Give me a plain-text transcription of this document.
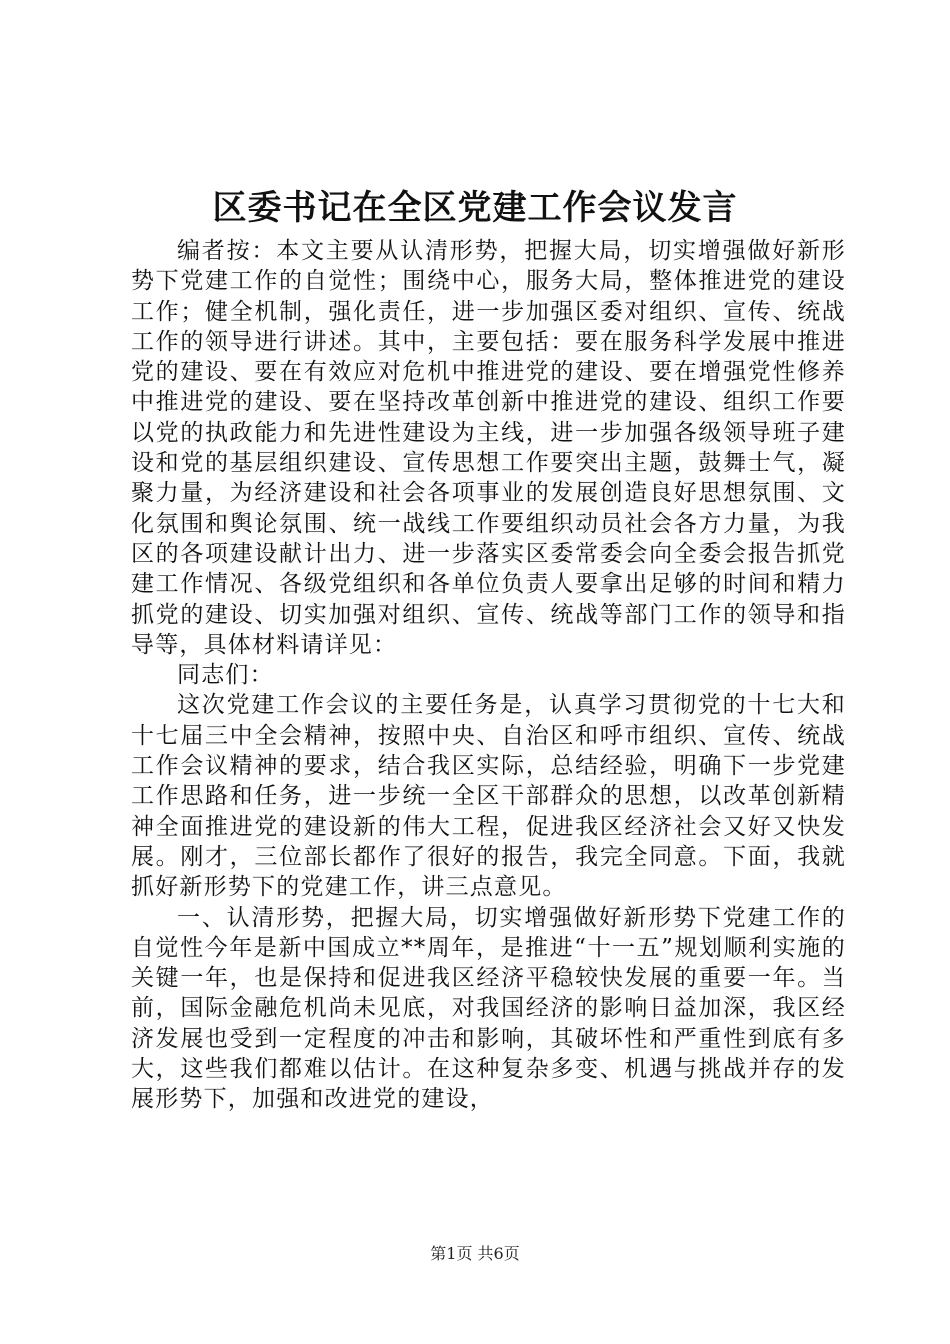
区委书记在全区党建工作会议发言

编者按：本文主要从认清形势，把握大局，切实增强做好新形势下党建工作的自觉性；围绕中心，服务大局，整体推进党的建设工作；健全机制，强化责任，进一步加强区委对组织、宣传、统战工作的领导进行讲述。其中，主要包括：要在服务科学发展中推进党的建设、要在有效应对危机中推进党的建设、要在增强党性修养中推进党的建设、要在坚持改革创新中推进党的建设、组织工作要以党的执政能力和先进性建设为主线，进一步加强各级领导班子建设和党的基层组织建设、宣传思想工作要突出主题，鼓舞士气，凝聚力量，为经济建设和社会各项事业的发展创造良好思想氛围、文化氛围和舆论氛围、统一战线工作要组织动员社会各方力量，为我区的各项建设献计出力、进一步落实区委常委会向全委会报告抓党建工作情况、各级党组织和各单位负责人要拿出足够的时间和精力抓党的建设、切实加强对组织、宣传、统战等部门工作的领导和指导等，具体材料请详见：

同志们：

这次党建工作会议的主要任务是，认真学习贯彻党的十七大和十七届三中全会精神，按照中央、自治区和呼市组织、宣传、统战工作会议精神的要求，结合我区实际，总结经验，明确下一步党建工作思路和任务，进一步统一全区干部群众的思想，以改革创新精神全面推进党的建设新的伟大工程，促进我区经济社会又好又快发展。刚才，三位部长都作了很好的报告，我完全同意。下面，我就抓好新形势下的党建工作，讲三点意见。

一、认清形势，把握大局，切实增强做好新形势下党建工作的自觉性今年是新中国成立**周年，是推进“十一五”规划顺利实施的关键一年，也是保持和促进我区经济平稳较快发展的重要一年。当前，国际金融危机尚未见底，对我国经济的影响日益加深，我区经济发展也受到一定程度的冲击和影响，其破坏性和严重性到底有多大，这些我们都难以估计。在这种复杂多变、机遇与挑战并存的发展形势下，加强和改进党的建设，

第1页 共6页
